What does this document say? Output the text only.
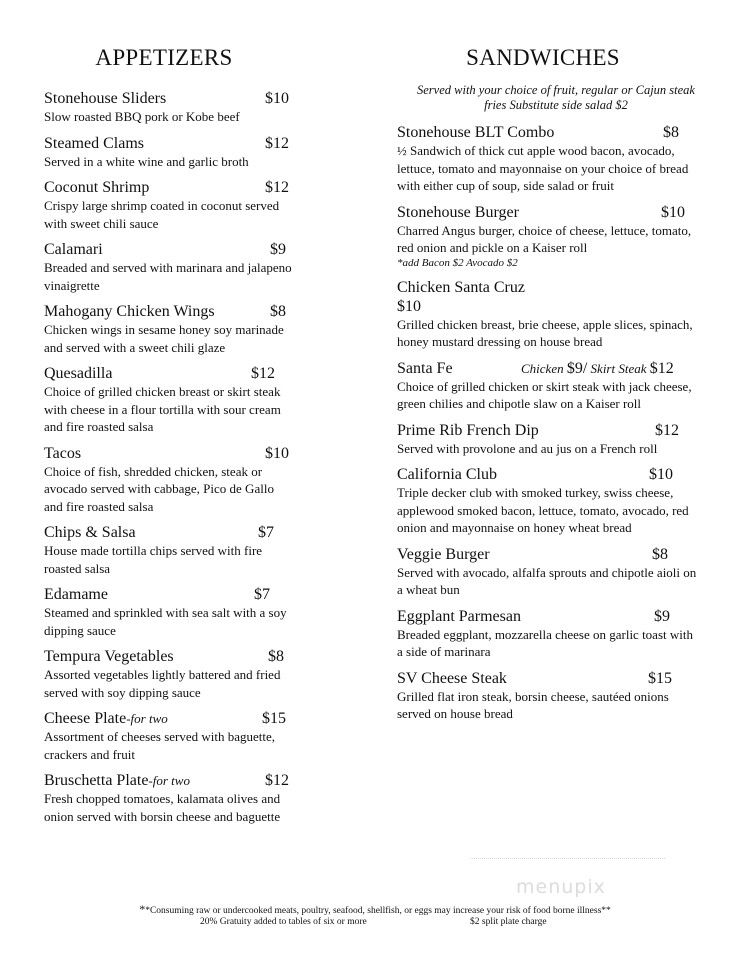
APPETIZERS
Stonehouse Sliders	$10
Slow roasted BBQ pork or Kobe beef
Steamed Clams	$12
Served in a white wine and garlic broth
Coconut Shrimp	$12
Crispy large shrimp coated in coconut served with sweet chili sauce
Calamari	$9
Breaded and served with marinara and jalapeno vinaigrette
Mahogany Chicken Wings	$8
Chicken wings in sesame honey soy marinade and served with a sweet chili glaze
Quesadilla	$12
Choice of grilled chicken breast or skirt steak with cheese in a flour tortilla with sour cream and fire roasted salsa
Tacos	$10
Choice of fish, shredded chicken, steak or avocado served with cabbage, Pico de Gallo and fire roasted salsa
Chips & Salsa	$7
House made tortilla chips served with fire roasted salsa
Edamame	$7
Steamed and sprinkled with sea salt with a soy dipping sauce
Tempura Vegetables	$8
Assorted vegetables lightly battered and fried served with soy dipping sauce
Cheese Plate-for two	$15
Assortment of cheeses served with baguette, crackers and fruit
Bruschetta Plate-for two	$12
Fresh chopped tomatoes, kalamata olives and onion served with borsin cheese and baguette
SANDWICHES
Served with your choice of fruit, regular or Cajun steak fries Substitute side salad $2
Stonehouse BLT Combo	$8
½ Sandwich of thick cut apple wood bacon, avocado, lettuce, tomato and mayonnaise on your choice of bread with either cup of soup, side salad or fruit
Stonehouse Burger	$10
Charred Angus burger, choice of cheese, lettuce, tomato, red onion and pickle on a Kaiser roll
*add Bacon $2 Avocado $2
Chicken Santa Cruz
$10
Grilled chicken breast, brie cheese, apple slices, spinach, honey mustard dressing on house bread
Santa Fe	Chicken $9/ Skirt Steak $12
Choice of grilled chicken or skirt steak with jack cheese, green chilies and chipotle slaw on a Kaiser roll
Prime Rib French Dip	$12
Served with provolone and au jus on a French roll
California Club	$10
Triple decker club with smoked turkey, swiss cheese, applewood smoked bacon, lettuce, tomato, avocado, red onion and mayonnaise on honey wheat bread
Veggie Burger	$8
Served with avocado, alfalfa sprouts and chipotle aioli on a wheat bun
Eggplant Parmesan	$9
Breaded eggplant, mozzarella cheese on garlic toast with a side of marinara
SV Cheese Steak	$15
Grilled flat iron steak, borsin cheese, sautéed onions served on house bread
menupix
**Consuming raw or undercooked meats, poultry, seafood, shellfish, or eggs may increase your risk of food borne illness**
20% Gratuity added to tables of six or more	$2 split plate charge
